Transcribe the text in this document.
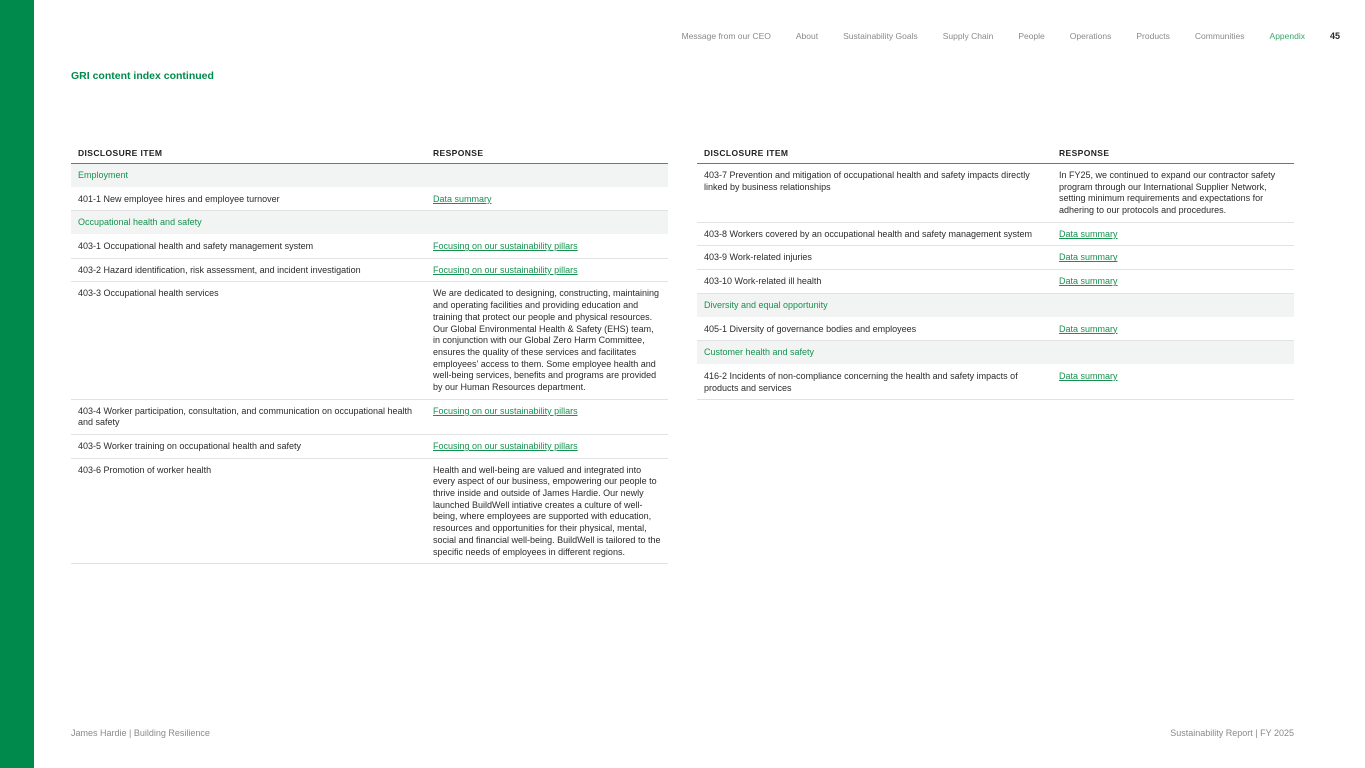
Message from our CEO	About	Sustainability Goals	Supply Chain	People	Operations	Products	Communities	Appendix	45
GRI content index continued
DISCLOSURE ITEM	RESPONSE
Employment	
401-1 New employee hires and employee turnover	Data summary
Occupational health and safety	
403-1 Occupational health and safety management system	Focusing on our sustainability pillars
403-2 Hazard identification, risk assessment, and incident investigation	Focusing on our sustainability pillars
403-3 Occupational health services	We are dedicated to designing, constructing, maintaining and operating facilities and providing education and training that protect our people and physical resources. Our Global Environmental Health & Safety (EHS) team, in conjunction with our Global Zero Harm Committee, ensures the quality of these services and facilitates employees’ access to them. Some employee health and well-being services, benefits and programs are provided by our Human Resources department.
403-4 Worker participation, consultation, and communication on occupational health and safety	Focusing on our sustainability pillars
403-5 Worker training on occupational health and safety	Focusing on our sustainability pillars
403-6 Promotion of worker health	Health and well-being are valued and integrated into every aspect of our business, empowering our people to thrive inside and outside of James Hardie. Our newly launched BuildWell intiative creates a culture of well-being, where employees are supported with education, resources and opportunities for their physical, mental, social and financial well-being. BuildWell is tailored to the specific needs of employees in different regions.
DISCLOSURE ITEM	RESPONSE
403-7 Prevention and mitigation of occupational health and safety impacts directly linked by business relationships	In FY25, we continued to expand our contractor safety program through our International Supplier Network, setting minimum requirements and expectations for adhering to our protocols and procedures.
403-8 Workers covered by an occupational health and safety management system	Data summary
403-9 Work-related injuries	Data summary
403-10 Work-related ill health	Data summary
Diversity and equal opportunity	
405-1 Diversity of governance bodies and employees	Data summary
Customer health and safety	
416-2 Incidents of non-compliance concerning the health and safety impacts of products and services	Data summary
James Hardie | Building Resilience	Sustainability Report | FY 2025
